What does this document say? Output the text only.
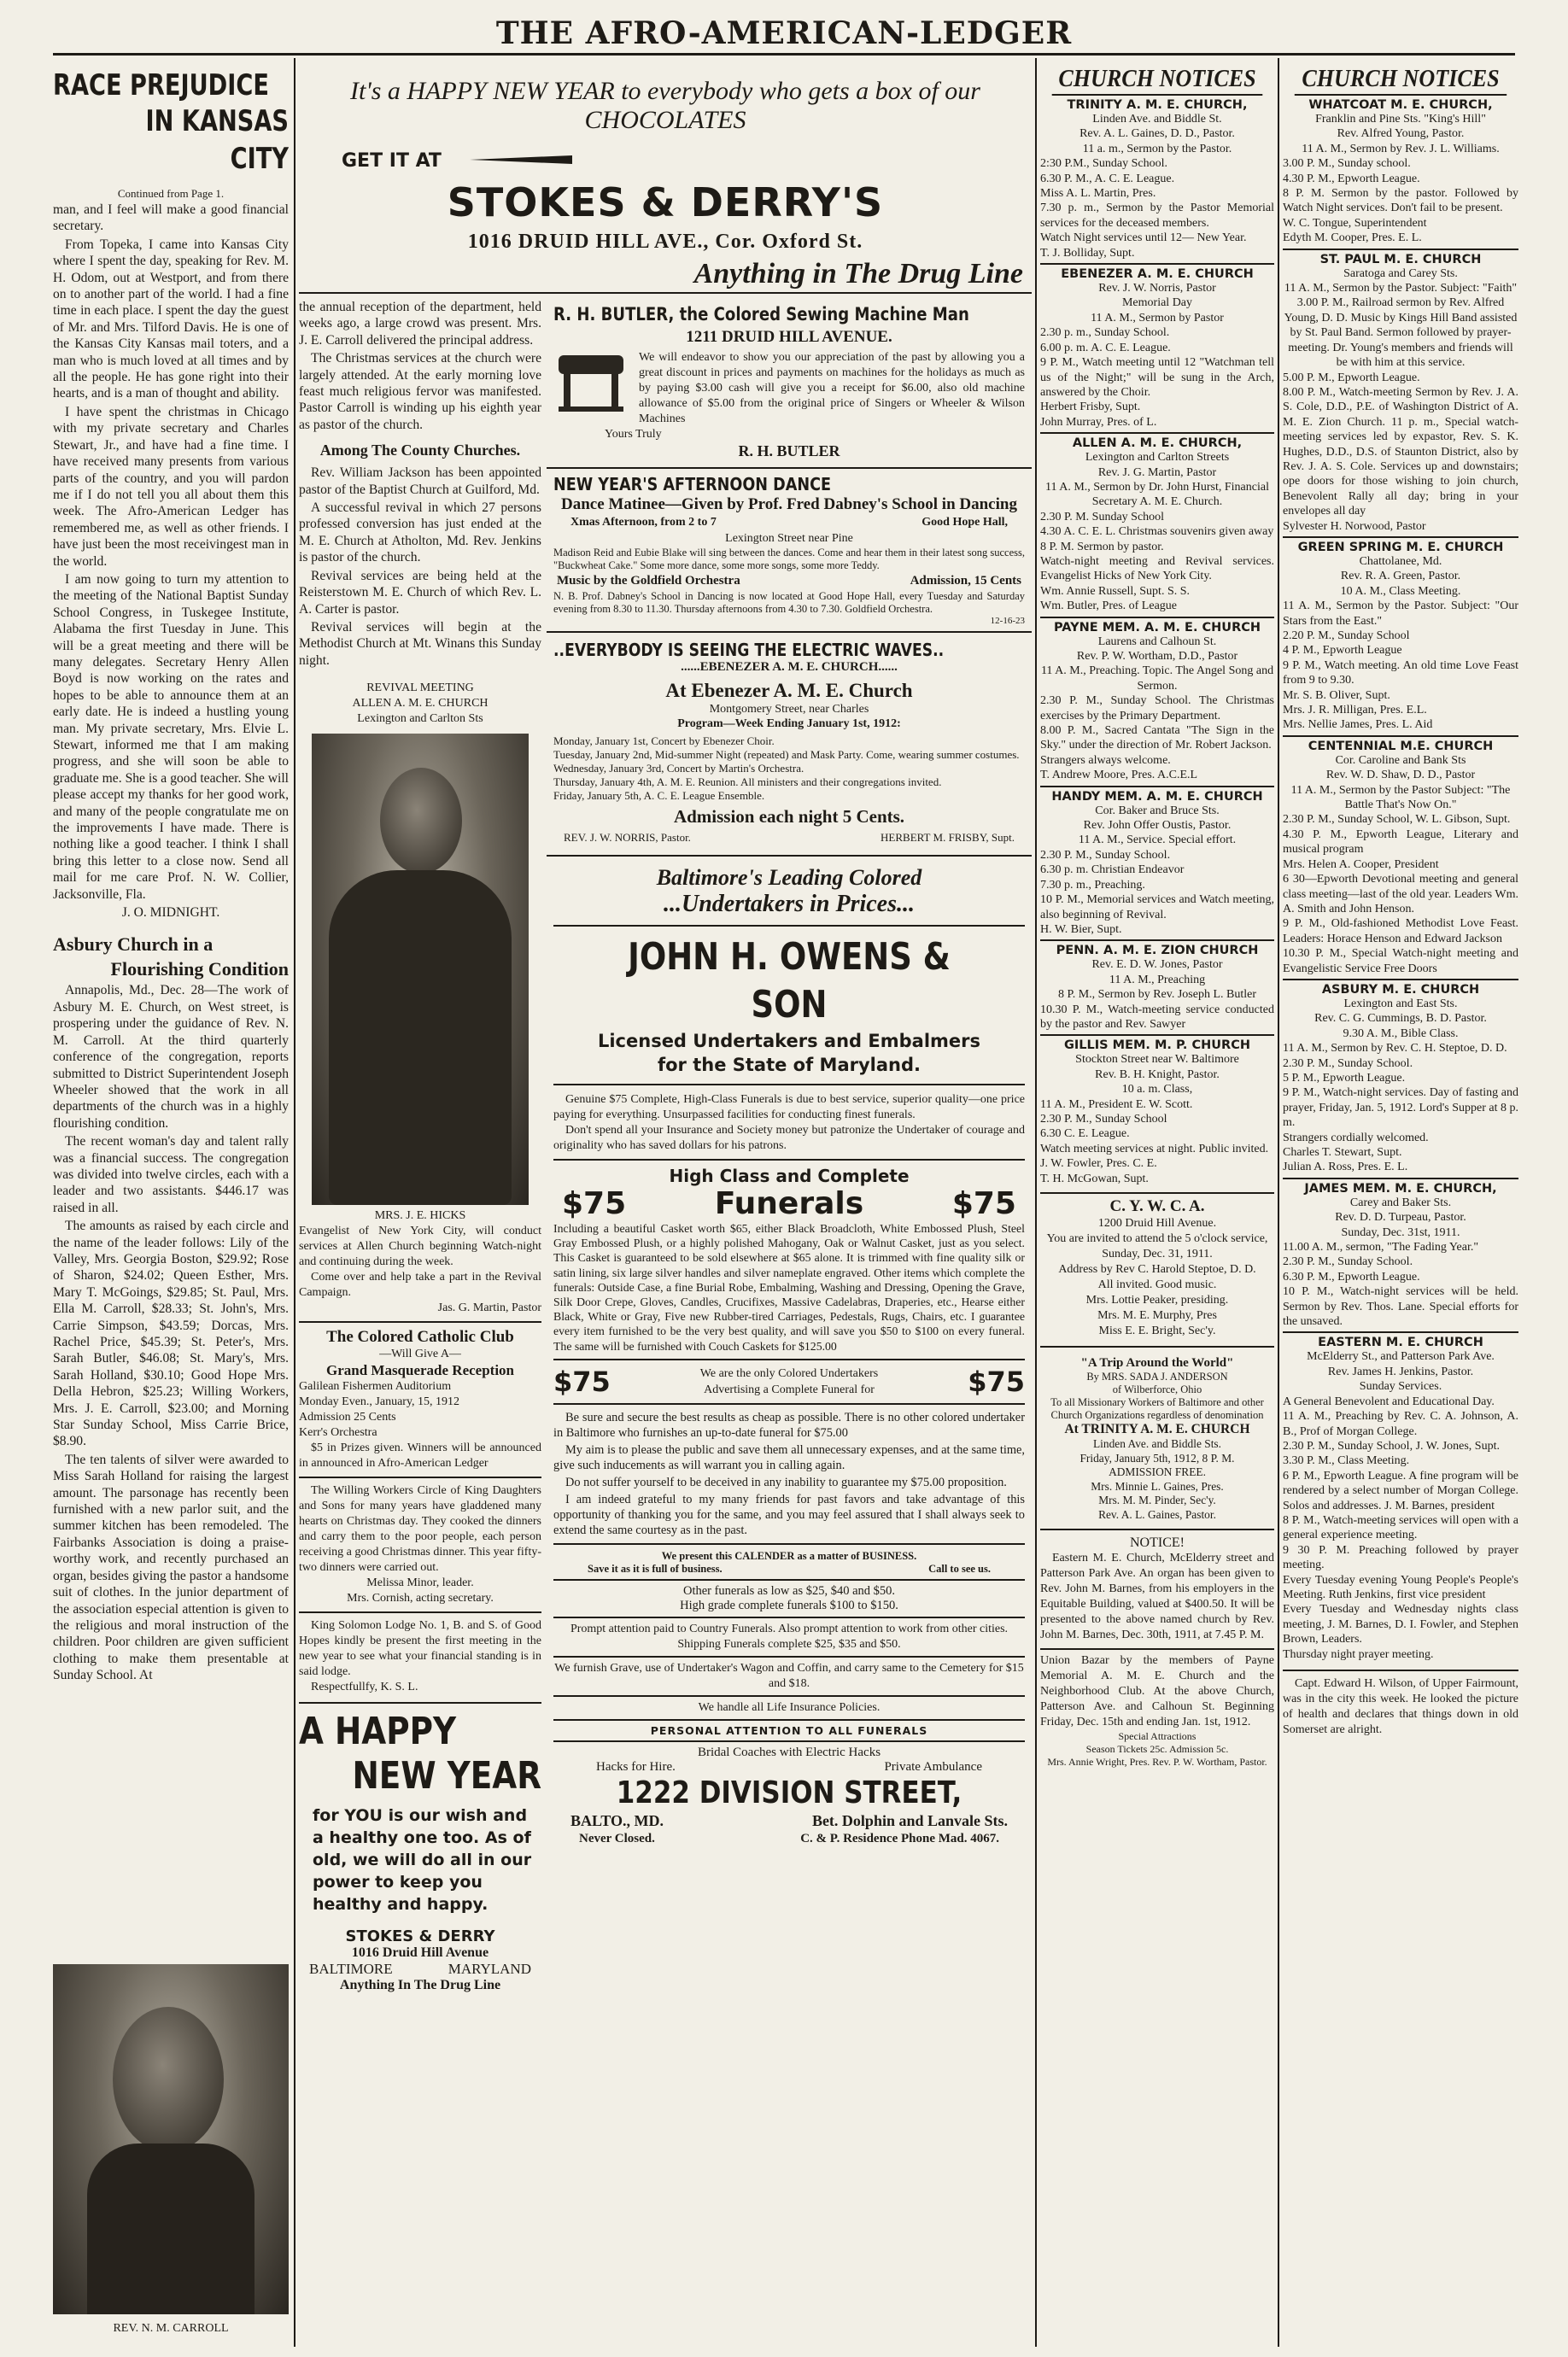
THE AFRO-AMERICAN-LEDGER
RACE PREJUDICE
IN KANSAS CITY
Continued from Page 1.

man, and I feel will make a good financial secretary.

From Topeka, I came into Kansas City where I spent the day, speaking for Rev. M. H. Odom, out at Westport, and from there on to another part of the world. I had a fine time in each place. I spent the day the guest of Mr. and Mrs. Tilford Davis. He is one of the Kansas City Kansas mail toters, and a man who is much loved at all times and by all the people. He has gone right into their hearts, and is a man of thought and ability.

I have spent the christmas in Chicago with my private secretary and Charles Stewart, Jr., and have had a fine time. I have received many presents from various parts of the country, and you will pardon me if I do not tell you all about them this week. The Afro-American Ledger has remembered me, as well as other friends. I have just been the most receivingest man in the world.

I am now going to turn my attention to the meeting of the National Baptist Sunday School Congress, in Tuskegee Institute, Alabama the first Tuesday in June. This will be a great meeting and there will be many delegates. Secretary Henry Allen Boyd is now working on the rates and hopes to be able to announce them at an early date. He is indeed a hustling young man. My private secretary, Mrs. Elvie L. Stewart, informed me that I am making progress, and she will soon be able to graduate me. She is a good teacher. She will please accept my thanks for her good work, and many of the people congratulate me on the improvements I have made. There is nothing like a good teacher. I think I shall bring this letter to a close now. Send all mail for me care Prof. N. W. Collier, Jacksonville, Fla.

J. O. MIDNIGHT.
Asbury Church in a
Flourishing Condition

Annapolis, Md., Dec. 28—The work of Asbury M. E. Church, on West street, is prospering under the guidance of Rev. N. M. Carroll. At the third quarterly conference of the congregation, reports submitted to District Superintendent Joseph Wheeler showed that the work in all departments of the church was in a highly flourishing condition.

The recent woman's day and talent rally was a financial success. The congregation was divided into twelve circles, each with a leader and two assistants. $446.17 was raised in all.

The amounts as raised by each circle and the name of the leader follows: Lily of the Valley, Mrs. Georgia Boston, $29.92; Rose of Sharon, $24.02; Queen Esther, Mrs. Mary T. McGoings, $29.85; St. Paul, Mrs. Ella M. Carroll, $28.33; St. John's, Mrs. Carrie Simpson, $43.59; Dorcas, Mrs. Rachel Price, $45.39; St. Peter's, Mrs. Sarah Butler, $46.08; St. Mary's, Mrs. Sarah Holland, $30.10; Good Hope Mrs. Della Hebron, $25.23; Willing Workers, Mrs. J. E. Carroll, $23.00; and Morning Star Sunday School, Miss Carrie Brice, $8.90.

The ten talents of silver were awarded to Miss Sarah Holland for raising the largest amount. The parsonage has recently been furnished with a new parlor suit, and the summer kitchen has been remodeled. The Fairbanks Association is doing a praise-worthy work, and recently purchased an organ, besides giving the pastor a handsome suit of clothes. In the junior department of the association especial attention is given to the religious and moral instruction of the children. Poor children are given sufficient clothing to make them presentable at Sunday School. At

REV. N. M. CARROLL
It's a HAPPY NEW YEAR to everybody who gets a box of our CHOCOLATES
GET IT AT
STOKES & DERRY'S
1016 DRUID HILL AVE., Cor. Oxford St.
Anything in The Drug Line

the annual reception of the department, held weeks ago, a large crowd was present. Mrs. J. E. Carroll delivered the principal address.

The Christmas services at the church were largely attended. At the early morning love feast much religious fervor was manifested. Pastor Carroll is winding up his eighth year as pastor of the church.

Among The County Churches.

Rev. William Jackson has been appointed pastor of the Baptist Church at Guilford, Md.

A successful revival in which 27 persons professed conversion has just ended at the M. E. Church at Atholton, Md. Rev. Jenkins is pastor of the church.

Revival services are being held at the Reisterstown M. E. Church of which Rev. L. A. Carter is pastor.

Revival services will begin at the Methodist Church at Mt. Winans this Sunday night.

REVIVAL MEETING
ALLEN A. M. E. CHURCH
Lexington and Carlton Sts
MRS. J. E. HICKS
Evangelist of New York City, will conduct services at Allen Church beginning Watch-night and continuing during the week.
Come over and help take a part in the Revival Campaign.
Jas. G. Martin, Pastor
The Colored Catholic Club
—Will Give A—
Grand Masquerade Reception
Galilean Fishermen Auditorium
Monday Even., January, 15, 1912
Admission 25 Cents
Kerr's Orchestra
$5 in Prizes given. Winners will be announced in announced in Afro-American Ledger
The Willing Workers Circle of King Daughters and Sons for many years have gladdened many hearts on Christmas day. They cooked the dinners and carry them to the poor people, each person receiving a good Christmas dinner. This year fifty-two dinners were carried out.
Melissa Minor, leader.
Mrs. Cornish, acting secretary.
King Solomon Lodge No. 1, B. and S. of Good Hopes kindly be present the first meeting in the new year to see what your financial standing is in said lodge.
Respectfullfy, K. S. L.
A HAPPY
NEW YEAR
for YOU is our wish and a healthy one too. As of old, we will do all in our power to keep you healthy and happy.
STOKES & DERRY
1016 Druid Hill Avenue
BALTIMORE	MARYLAND
Anything In The Drug Line
R. H. BUTLER, the Colored Sewing Machine Man
1211 DRUID HILL AVENUE.
We will endeavor to show you our appreciation of the past by allowing you a great discount in prices and payments on machines for the holidays as much as by paying $3.00 cash will give you a receipt for $6.00, also old machine allowance of $5.00 from the original price of Singers or Wheeler & Wilson Machines
Yours Truly
R. H. BUTLER
NEW YEAR'S AFTERNOON DANCE
Dance Matinee—Given by Prof. Fred Dabney's School in Dancing
Xmas Afternoon, from 2 to 7	Good Hope Hall,
Lexington Street near Pine
Madison Reid and Eubie Blake will sing between the dances. Come and hear them in their latest song success, "Buckwheat Cake." Some more dance, some more songs, some more Teddy.
Music by the Goldfield Orchestra	Admission, 15 Cents
N. B. Prof. Dabney's School in Dancing is now located at Good Hope Hall, every Tuesday and Saturday evening from 8.30 to 11.30. Thursday afternoons from 4.30 to 7.30. Goldfield Orchestra.
12-16-23
..EVERYBODY IS SEEING THE ELECTRIC WAVES..
......EBENEZER A. M. E. CHURCH......
At Ebenezer A. M. E. Church
Montgomery Street, near Charles
Program—Week Ending January 1st, 1912:
Monday, January 1st, Concert by Ebenezer Choir.
Tuesday, January 2nd, Mid-summer Night (repeated) and Mask Party. Come, wearing summer costumes.
Wednesday, January 3rd, Concert by Martin's Orchestra.
Thursday, January 4th, A. M. E. Reunion. All ministers and their congregations invited.
Friday, January 5th, A. C. E. League Ensemble.
Admission each night 5 Cents.
REV. J. W. NORRIS, Pastor.	HERBERT M. FRISBY, Supt.
Baltimore's Leading Colored
...Undertakers in Prices...
JOHN H. OWENS & SON
Licensed Undertakers and Embalmers
for the State of Maryland.
Genuine $75 Complete, High-Class Funerals is due to best service, superior quality—one price paying for everything. Unsurpassed facilities for conducting finest funerals.
Don't spend all your Insurance and Society money but patronize the Undertaker of courage and originality who has saved dollars for his patrons.
High Class and Complete
$75	Funerals	$75
Including a beautiful Casket worth $65, either Black Broadcloth, White Embossed Plush, Steel Gray Embossed Plush, or a highly polished Mahogany, Oak or Walnut Casket, just as you select. This Casket is guaranteed to be sold elsewhere at $65 alone. It is trimmed with fine quality silk or satin lining, six large silver handles and silver nameplate engraved. Other items which complete the funerals: Outside Case, a fine Burial Robe, Embalming, Washing and Dressing, Opening the Grave, Silk Door Crepe, Gloves, Candles, Crucifixes, Massive Cadelabras, Draperies, etc., Hearse either Black, White or Gray, Five new Rubber-tired Carriages, Pedestals, Rugs, Chairs, etc. I guarantee every item furnished to be the very best quality, and will save you $50 to $100 on every funeral. The same will be furnished with Couch Caskets for $125.00
$75	We are the only Colored Undertakers
Advertising a Complete Funeral for	$75

Be sure and secure the best results as cheap as possible. There is no other colored undertaker in Baltimore who furnishes an up-to-date funeral for $75.00

My aim is to please the public and save them all unnecessary expenses, and at the same time, give such inducements as will warrant you in calling again.

Do not suffer yourself to be deceived in any inability to guarantee my $75.00 proposition.

I am indeed grateful to my many friends for past favors and take advantage of this opportunity of thanking you for the same, and you may feel assured that I shall always seek to extend the same courtesy as in the past.

We present this CALENDER as a matter of BUSINESS.
Save it as it is full of business.	Call to see us.
Other funerals as low as $25, $40 and $50.
High grade complete funerals $100 to $150.
Prompt attention paid to Country Funerals. Also prompt attention to work from other cities.
Shipping Funerals complete $25, $35 and $50.
We furnish Grave, use of Undertaker's Wagon and Coffin, and carry same to the Cemetery for $15 and $18.
We handle all Life Insurance Policies.
PERSONAL ATTENTION TO ALL FUNERALS
Bridal Coaches with Electric Hacks
Hacks for Hire.	Private Ambulance
1222 DIVISION STREET,
BALTO., MD.	Bet. Dolphin and Lanvale Sts.
Never Closed.	C. & P. Residence Phone Mad. 4067.
CHURCH NOTICES
TRINITY A. M. E. CHURCH,
Linden Ave. and Biddle St.
Rev. A. L. Gaines, D. D., Pastor.
11 a. m., Sermon by the Pastor.
2:30 P.M., Sunday School.
6.30 P. M., A. C. E. League.
Miss A. L. Martin, Pres.
7.30 p. m., Sermon by the Pastor Memorial services for the deceased members.
Watch Night services until 12— New Year.
T. J. Bolliday, Supt.
EBENEZER A. M. E. CHURCH
Rev. J. W. Norris, Pastor
Memorial Day
11 A. M., Sermon by Pastor
2.30 p. m., Sunday School.
6.00 p. m. A. C. E. League.
9 P. M., Watch meeting until 12 "Watchman tell us of the Night;" will be sung in the Arch, answered by the Choir.
Herbert Frisby, Supt.
John Murray, Pres. of L.
ALLEN A. M. E. CHURCH,
Lexington and Carlton Streets
Rev. J. G. Martin, Pastor
11 A. M., Sermon by Dr. John Hurst, Financial Secretary A. M. E. Church.
2.30 P. M. Sunday School
4.30 A. C. E. L. Christmas souvenirs given away
8 P. M. Sermon by pastor.
Watch-night meeting and Revival services. Evangelist Hicks of New York City.
Wm. Annie Russell, Supt. S. S.
Wm. Butler, Pres. of League
PAYNE MEM. A. M. E. CHURCH
Laurens and Calhoun St.
Rev. P. W. Wortham, D.D., Pastor
11 A. M., Preaching. Topic. The Angel Song and Sermon.
2.30 P. M., Sunday School. The Christmas exercises by the Primary Department.
8.00 P. M., Sacred Cantata "The Sign in the Sky." under the direction of Mr. Robert Jackson.
Strangers always welcome.
T. Andrew Moore, Pres. A.C.E.L
HANDY MEM. A. M. E. CHURCH
Cor. Baker and Bruce Sts.
Rev. John Offer Oustis, Pastor.
11 A. M., Service. Special effort.
2.30 P. M., Sunday School.
6.30 p. m. Christian Endeavor
7.30 p. m., Preaching.
10 P. M., Memorial services and Watch meeting, also beginning of Revival.
H. W. Bier, Supt.
PENN. A. M. E. ZION CHURCH
Rev. E. D. W. Jones, Pastor
11 A. M., Preaching
8 P. M., Sermon by Rev. Joseph L. Butler
10.30 P. M., Watch-meeting service conducted by the pastor and Rev. Sawyer
GILLIS MEM. M. P. CHURCH
Stockton Street near W. Baltimore
Rev. B. H. Knight, Pastor.
10 a. m. Class,
11 A. M., President E. W. Scott.
2.30 P. M., Sunday School
6.30 C. E. League.
Watch meeting services at night. Public invited.
J. W. Fowler, Pres. C. E.
T. H. McGowan, Supt.
C. Y. W. C. A.
1200 Druid Hill Avenue.
You are invited to attend the 5 o'clock service,
Sunday, Dec. 31, 1911.
Address by Rev C. Harold Steptoe, D. D.
All invited. Good music.
Mrs. Lottie Peaker, presiding.
Mrs. M. E. Murphy, Pres
Miss E. E. Bright, Sec'y.
"A Trip Around the World"
By MRS. SADA J. ANDERSON
of Wilberforce, Ohio
To all Missionary Workers of Baltimore and other Church Organizations regardless of denomination
At TRINITY A. M. E. CHURCH
Linden Ave. and Biddle Sts.
Friday, January 5th, 1912, 8 P. M.
ADMISSION FREE.
Mrs. Minnie L. Gaines, Pres.
Mrs. M. M. Pinder, Sec'y.
Rev. A. L. Gaines, Pastor.
NOTICE!
Eastern M. E. Church, McElderry street and Patterson Park Ave. An organ has been given to Rev. John M. Barnes, from his employers in the Equitable Building, valued at $400.50. It will be presented to the above named church by Rev. John M. Barnes, Dec. 30th, 1911, at 7.45 P. M.
Union Bazar by the members of Payne Memorial A. M. E. Church and the Neighborhood Club. At the above Church, Patterson Ave. and Calhoun St. Beginning Friday, Dec. 15th and ending Jan. 1st, 1912.
Special Attractions
Season Tickets 25c. Admission 5c.
Mrs. Annie Wright, Pres. Rev. P. W. Wortham, Pastor.
CHURCH NOTICES
WHATCOAT M. E. CHURCH,
Franklin and Pine Sts. "King's Hill"
Rev. Alfred Young, Pastor.
11 A. M., Sermon by Rev. J. L. Williams.
3.00 P. M., Sunday school.
4.30 P. M., Epworth League.
8 P. M. Sermon by the pastor. Followed by Watch Night services. Don't fail to be present.
W. C. Tongue, Superintendent
Edyth M. Cooper, Pres. E. L.
ST. PAUL M. E. CHURCH
Saratoga and Carey Sts.
11 A. M., Sermon by the Pastor. Subject: "Faith"
3.00 P. M., Railroad sermon by Rev. Alfred Young, D. D. Music by Kings Hill Band assisted by St. Paul Band. Sermon followed by prayer-meeting. Dr. Young's members and friends will be with him at this service.
5.00 P. M., Epworth League.
8.00 P. M., Watch-meeting Sermon by Rev. J. A. S. Cole, D.D., P.E. of Washington District of A. M. E. Zion Church. 11 p. m., Special watch-meeting services led by expastor, Rev. S. K. Hughes, D.D., D.S. of Staunton District, also by Rev. J. A. S. Cole. Services up and downstairs; ope doors for those wishing to join church, Benevolent Rally all day; bring in your envelopes all day
Sylvester H. Norwood, Pastor
GREEN SPRING M. E. CHURCH
Chattolanee, Md.
Rev. R. A. Green, Pastor.
10 A. M., Class Meeting.
11 A. M., Sermon by the Pastor. Subject: "Our Stars from the East."
2.20 P. M., Sunday School
4 P. M., Epworth League
9 P. M., Watch meeting. An old time Love Feast from 9 to 9.30.
Mr. S. B. Oliver, Supt.
Mrs. J. R. Milligan, Pres. E.L.
Mrs. Nellie James, Pres. L. Aid
CENTENNIAL M.E. CHURCH
Cor. Caroline and Bank Sts
Rev. W. D. Shaw, D. D., Pastor
11 A. M., Sermon by the Pastor Subject: "The Battle That's Now On."
2.30 P. M., Sunday School, W. L. Gibson, Supt.
4.30 P. M., Epworth League, Literary and musical program
Mrs. Helen A. Cooper, President
6 30—Epworth Devotional meeting and general class meeting—last of the old year. Leaders Wm. A. Smith and John Henson.
9 P. M., Old-fashioned Methodist Love Feast. Leaders: Horace Henson and Edward Jackson
10.30 P. M., Special Watch-night meeting and Evangelistic Service Free Doors
ASBURY M. E. CHURCH
Lexington and East Sts.
Rev. C. G. Cummings, B. D. Pastor.
9.30 A. M., Bible Class.
11 A. M., Sermon by Rev. C. H. Steptoe, D. D.
2.30 P. M., Sunday School.
5 P. M., Epworth League.
9 P. M., Watch-night services. Day of fasting and prayer, Friday, Jan. 5, 1912. Lord's Supper at 8 p. m.
Strangers cordially welcomed.
Charles T. Stewart, Supt.
Julian A. Ross, Pres. E. L.
JAMES MEM. M. E. CHURCH,
Carey and Baker Sts.
Rev. D. D. Turpeau, Pastor.
Sunday, Dec. 31st, 1911.
11.00 A. M., sermon, "The Fading Year."
2.30 P. M., Sunday School.
6.30 P. M., Epworth League.
10 P. M., Watch-night services will be held. Sermon by Rev. Thos. Lane. Special efforts for the unsaved.
EASTERN M. E. CHURCH
McElderry St., and Patterson Park Ave.
Rev. James H. Jenkins, Pastor.
Sunday Services.
A General Benevolent and Educational Day.
11 A. M., Preaching by Rev. C. A. Johnson, A. B., Prof of Morgan College.
2.30 P. M., Sunday School, J. W. Jones, Supt.
3.30 P. M., Class Meeting.
6 P. M., Epworth League. A fine program will be rendered by a select number of Morgan College. Solos and addresses. J. M. Barnes, president
8 P. M., Watch-meeting services will open with a general experience meeting.
9 30 P. M. Preaching followed by prayer meeting.
Every Tuesday evening Young People's People's Meeting. Ruth Jenkins, first vice president
Every Tuesday and Wednesday nights class meeting, J. M. Barnes, D. I. Fowler, and Stephen Brown, Leaders.
Thursday night prayer meeting.
Capt. Edward H. Wilson, of Upper Fairmount, was in the city this week. He looked the picture of health and declares that things down in old Somerset are alright.
